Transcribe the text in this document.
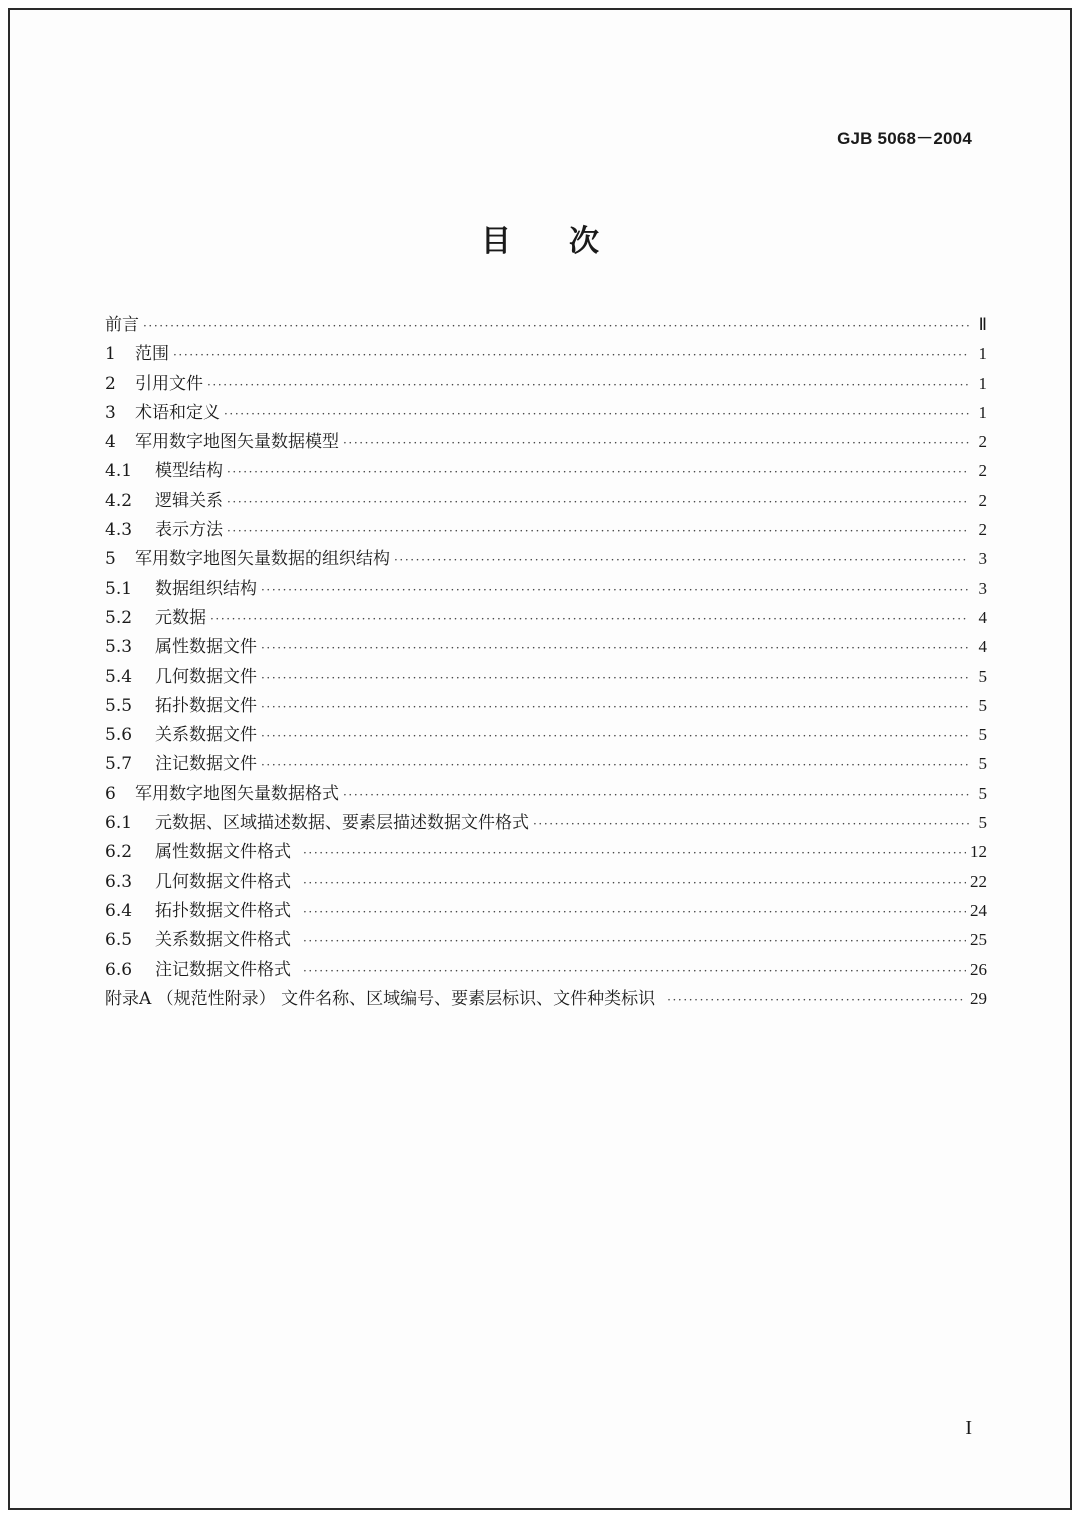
GJB 5068－2004
目次
前言 ·····	Ⅱ
1	范围 ·····	1
2	引用文件 ·····	1
3	术语和定义 ·····	1
4	军用数字地图矢量数据模型 ·····	2
4.1	模型结构 ·····	2
4.2	逻辑关系 ·····	2
4.3	表示方法 ·····	2
5	军用数字地图矢量数据的组织结构 ·····	3
5.1	数据组织结构 ·····	3
5.2	元数据 ·····	4
5.3	属性数据文件 ·····	4
5.4	几何数据文件 ·····	5
5.5	拓扑数据文件 ·····	5
5.6	关系数据文件 ·····	5
5.7	注记数据文件 ·····	5
6	军用数字地图矢量数据格式 ·····	5
6.1	元数据、区域描述数据、要素层描述数据文件格式 ·····	5
6.2	属性数据文件格式 ·····	12
6.3	几何数据文件格式 ·····	22
6.4	拓扑数据文件格式 ·····	24
6.5	关系数据文件格式 ·····	25
6.6	注记数据文件格式 ·····	26
附录A （规范性附录） 文件名称、区域编号、要素层标识、文件种类标识 ·····	29
I
